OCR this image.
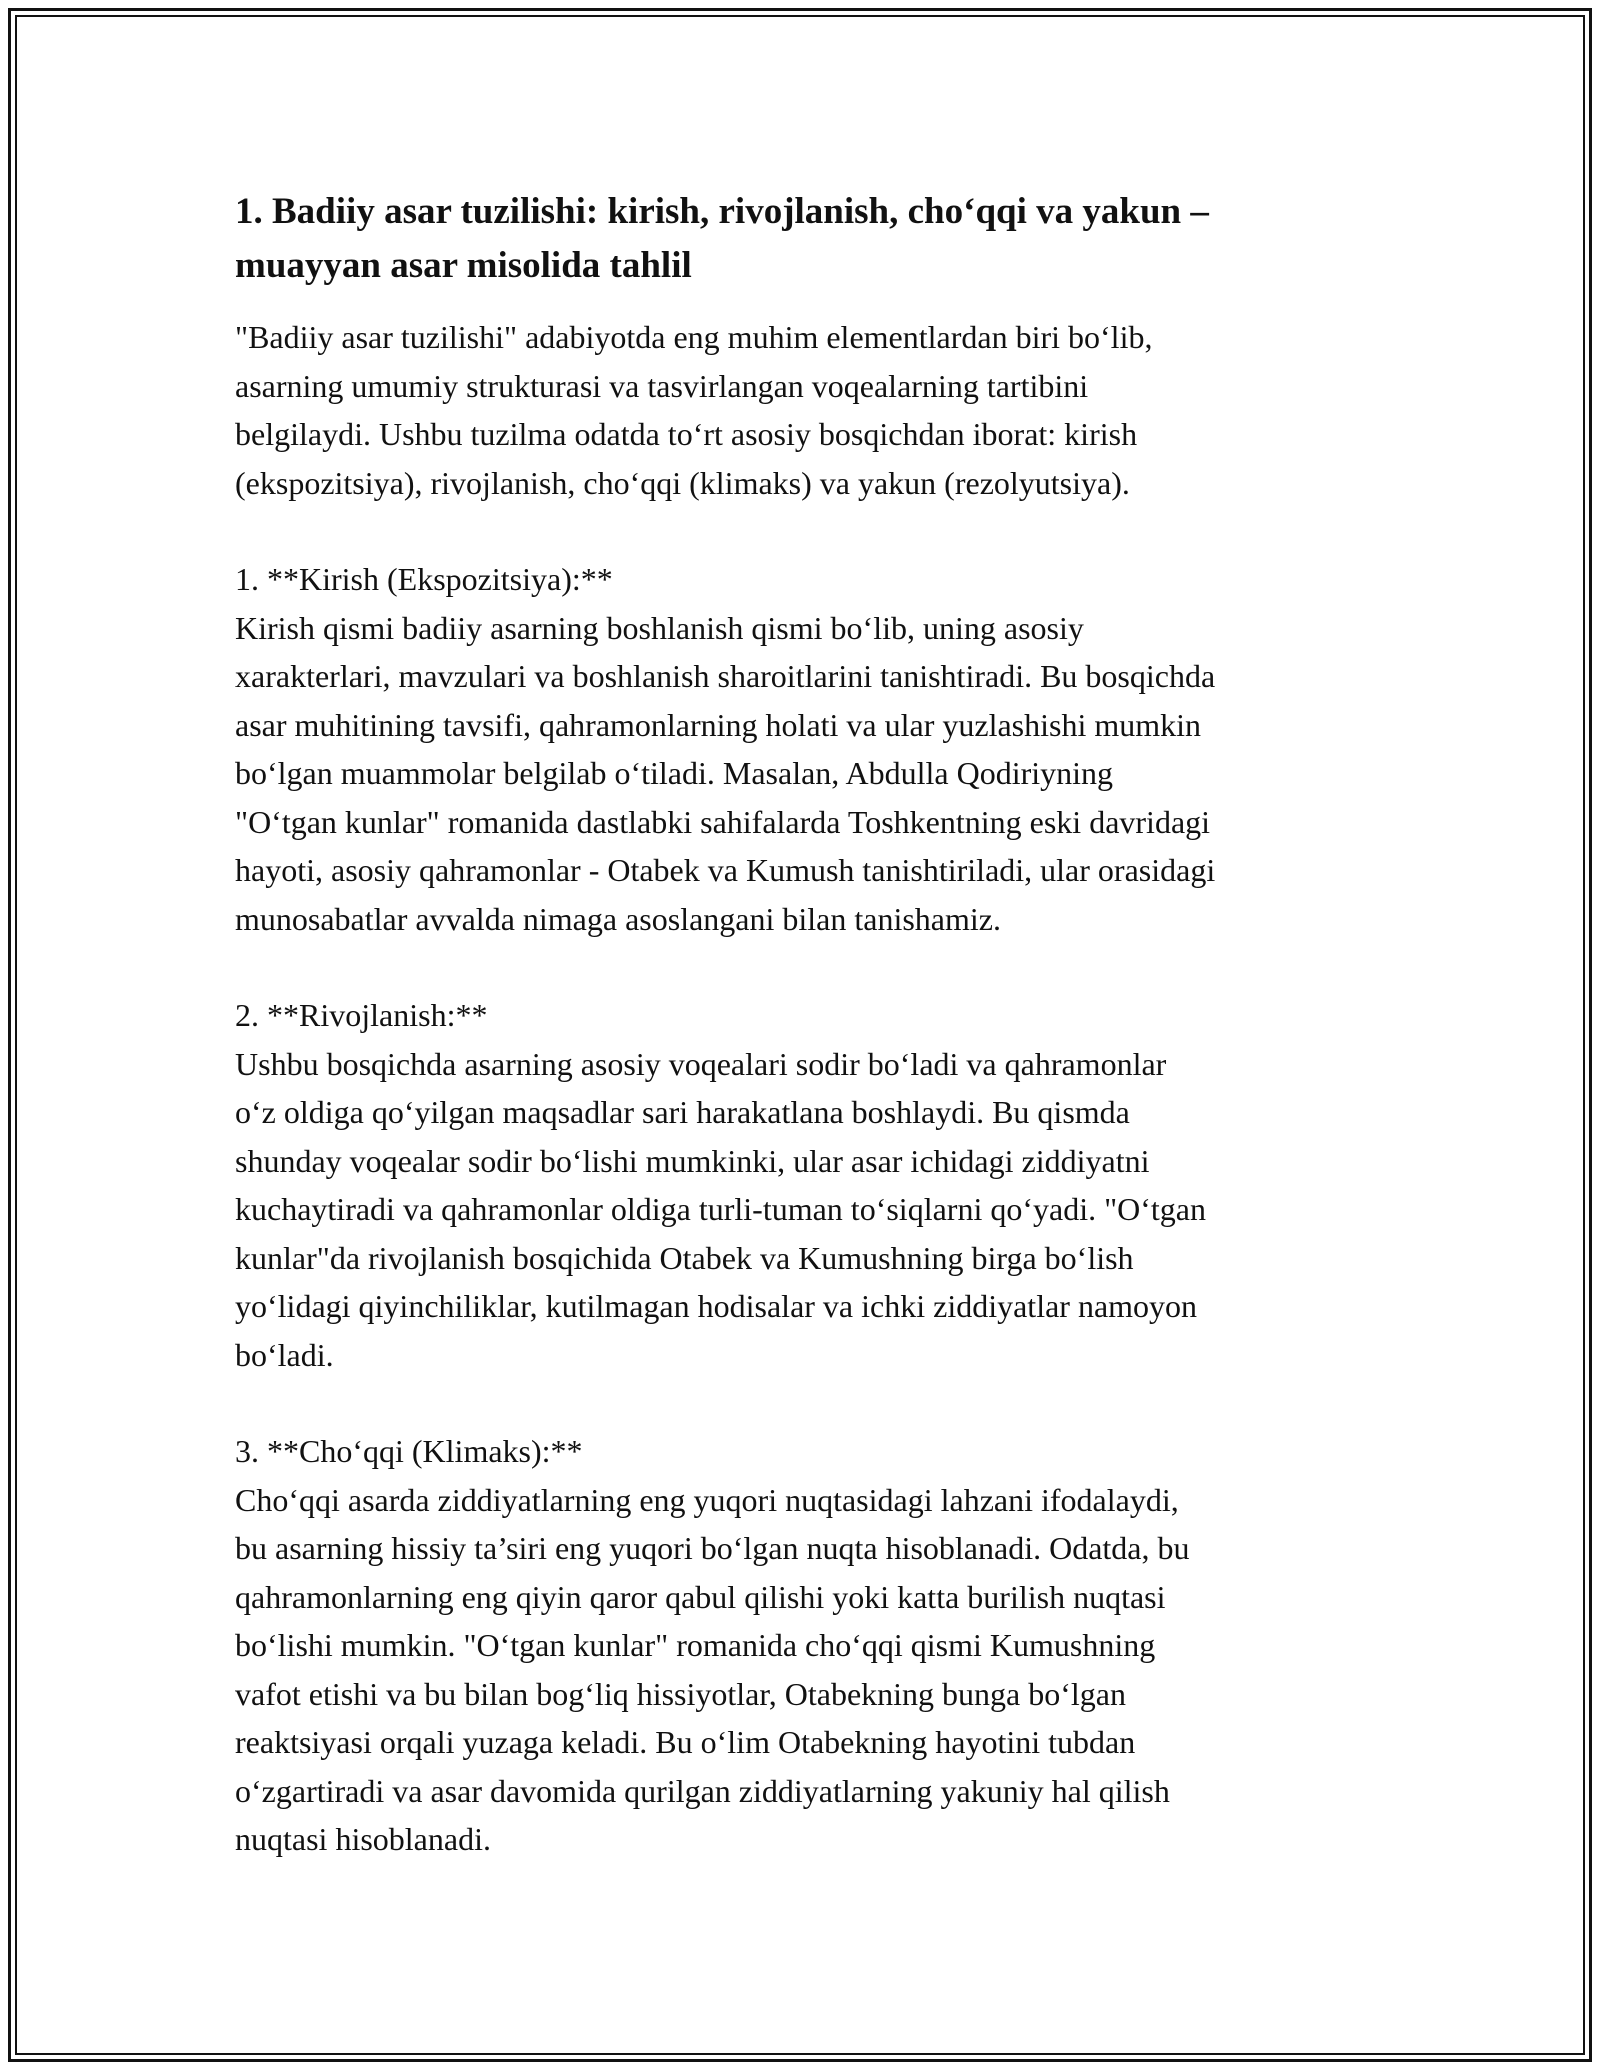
1. Badiiy asar tuzilishi: kirish, rivojlanish, cho‘qqi va yakun –
muayyan asar misolida tahlil

"Badiiy asar tuzilishi" adabiyotda eng muhim elementlardan biri bo‘lib,
asarning umumiy strukturasi va tasvirlangan voqealarning tartibini
belgilaydi. Ushbu tuzilma odatda to‘rt asosiy bosqichdan iborat: kirish
(ekspozitsiya), rivojlanish, cho‘qqi (klimaks) va yakun (rezolyutsiya).

1. **Kirish (Ekspozitsiya):**

Kirish qismi badiiy asarning boshlanish qismi bo‘lib, uning asosiy
xarakterlari, mavzulari va boshlanish sharoitlarini tanishtiradi. Bu bosqichda
asar muhitining tavsifi, qahramonlarning holati va ular yuzlashishi mumkin
bo‘lgan muammolar belgilab o‘tiladi. Masalan, Abdulla Qodiriyning
"O‘tgan kunlar" romanida dastlabki sahifalarda Toshkentning eski davridagi
hayoti, asosiy qahramonlar - Otabek va Kumush tanishtiriladi, ular orasidagi
munosabatlar avvalda nimaga asoslangani bilan tanishamiz.

2. **Rivojlanish:**

Ushbu bosqichda asarning asosiy voqealari sodir bo‘ladi va qahramonlar
o‘z oldiga qo‘yilgan maqsadlar sari harakatlana boshlaydi. Bu qismda
shunday voqealar sodir bo‘lishi mumkinki, ular asar ichidagi ziddiyatni
kuchaytiradi va qahramonlar oldiga turli-tuman to‘siqlarni qo‘yadi. "O‘tgan
kunlar"da rivojlanish bosqichida Otabek va Kumushning birga bo‘lish
yo‘lidagi qiyinchiliklar, kutilmagan hodisalar va ichki ziddiyatlar namoyon
bo‘ladi.

3. **Cho‘qqi (Klimaks):**

Cho‘qqi asarda ziddiyatlarning eng yuqori nuqtasidagi lahzani ifodalaydi,
bu asarning hissiy ta’siri eng yuqori bo‘lgan nuqta hisoblanadi. Odatda, bu
qahramonlarning eng qiyin qaror qabul qilishi yoki katta burilish nuqtasi
bo‘lishi mumkin. "O‘tgan kunlar" romanida cho‘qqi qismi Kumushning
vafot etishi va bu bilan bog‘liq hissiyotlar, Otabekning bunga bo‘lgan
reaktsiyasi orqali yuzaga keladi. Bu o‘lim Otabekning hayotini tubdan
o‘zgartiradi va asar davomida qurilgan ziddiyatlarning yakuniy hal qilish
nuqtasi hisoblanadi.
